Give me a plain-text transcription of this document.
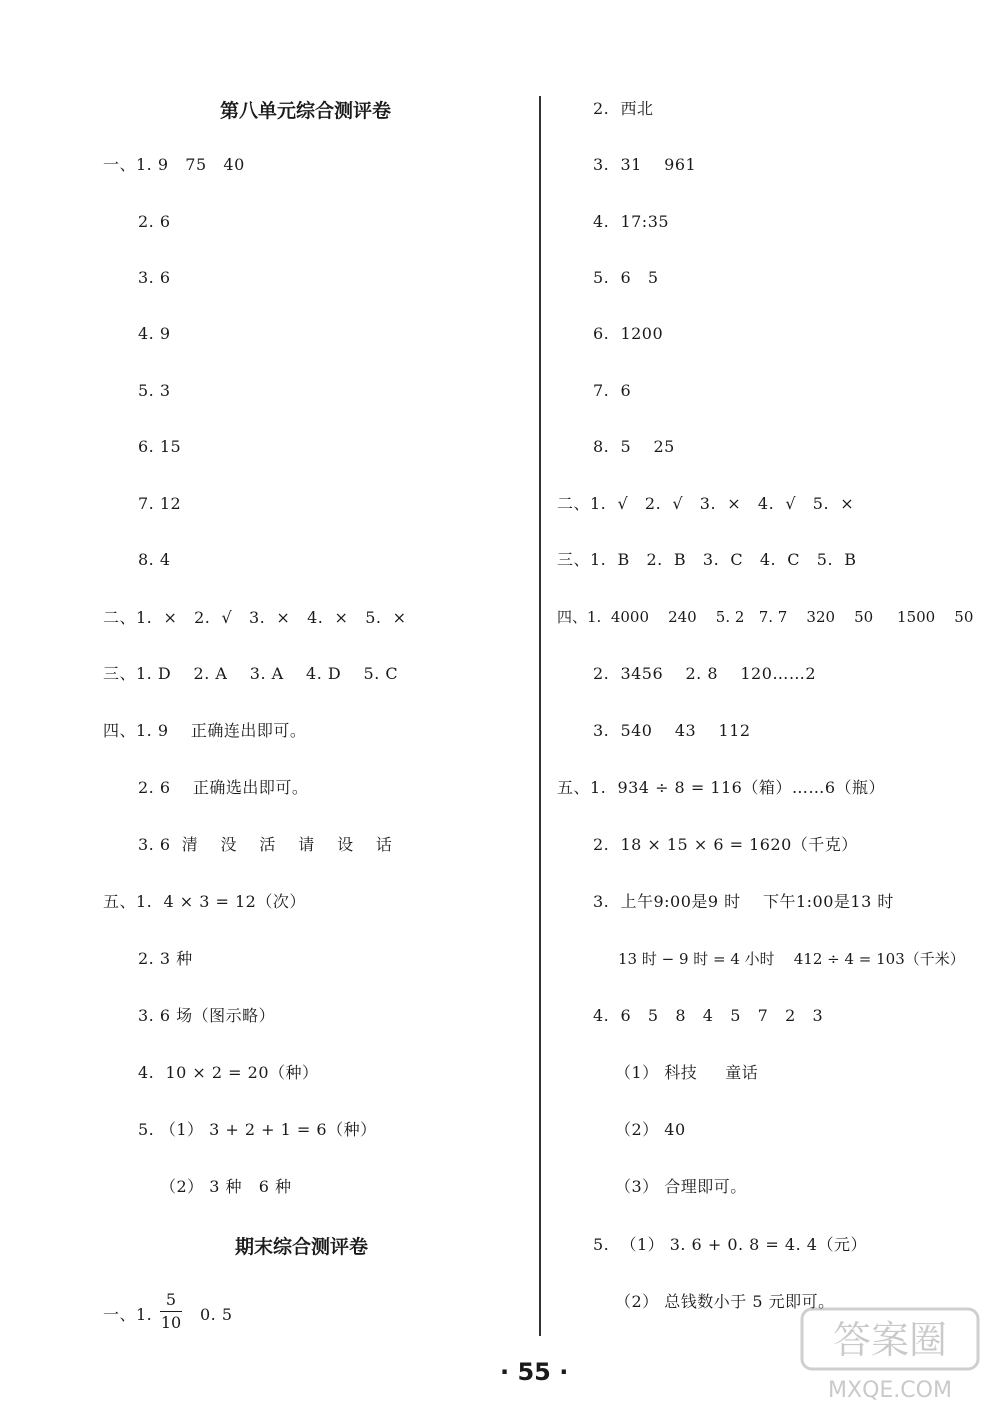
第八单元综合测评卷
一、1. 9   75   40
2. 6
3. 6
4. 9
5. 3
6. 15
7. 12
8. 4
二、1.  ×   2.  √   3.  ×   4.  ×   5.  ×
三、1. D    2. A    3. A    4. D    5. C
四、1. 9    正确连出即可。
2. 6    正确选出即可。
3. 6  清    没    活    请    设    话
五、1.  4 × 3 = 12（次）
2. 3 种
3. 6 场（图示略）
4.  10 × 2 = 20（种）
5. （1） 3 + 2 + 1 = 6（种）
（2） 3 种   6 种
期末综合测评卷
一、1.
5
10 0. 5
2.  西北
3.  31    961
4.  17:35
5.  6   5
6.  1200
7.  6
8.  5    25
二、1.  √   2.  √   3.  ×   4.  √   5.  ×
三、1.  B   2.  B   3.  C   4.  C   5.  B
四、1.  4000    240    5. 2   7. 7    320    50     1500    50
2.  3456    2. 8    120……2
3.  540    43    112
五、1.  934 ÷ 8 = 116（箱）……6（瓶）
2.  18 × 15 × 6 = 1620（千克）
3.  上午9:00是9 时    下午1:00是13 时
13 时 − 9 时 = 4 小时    412 ÷ 4 = 103（千米）
4.  6   5   8   4   5   7   2   3
（1） 科技     童话
（2） 40
（3） 合理即可。
5.  （1） 3. 6 + 0. 8 = 4. 4（元）
（2） 总钱数小于 5 元即可。
· 55 ·
答案圈
MXQE.COM
